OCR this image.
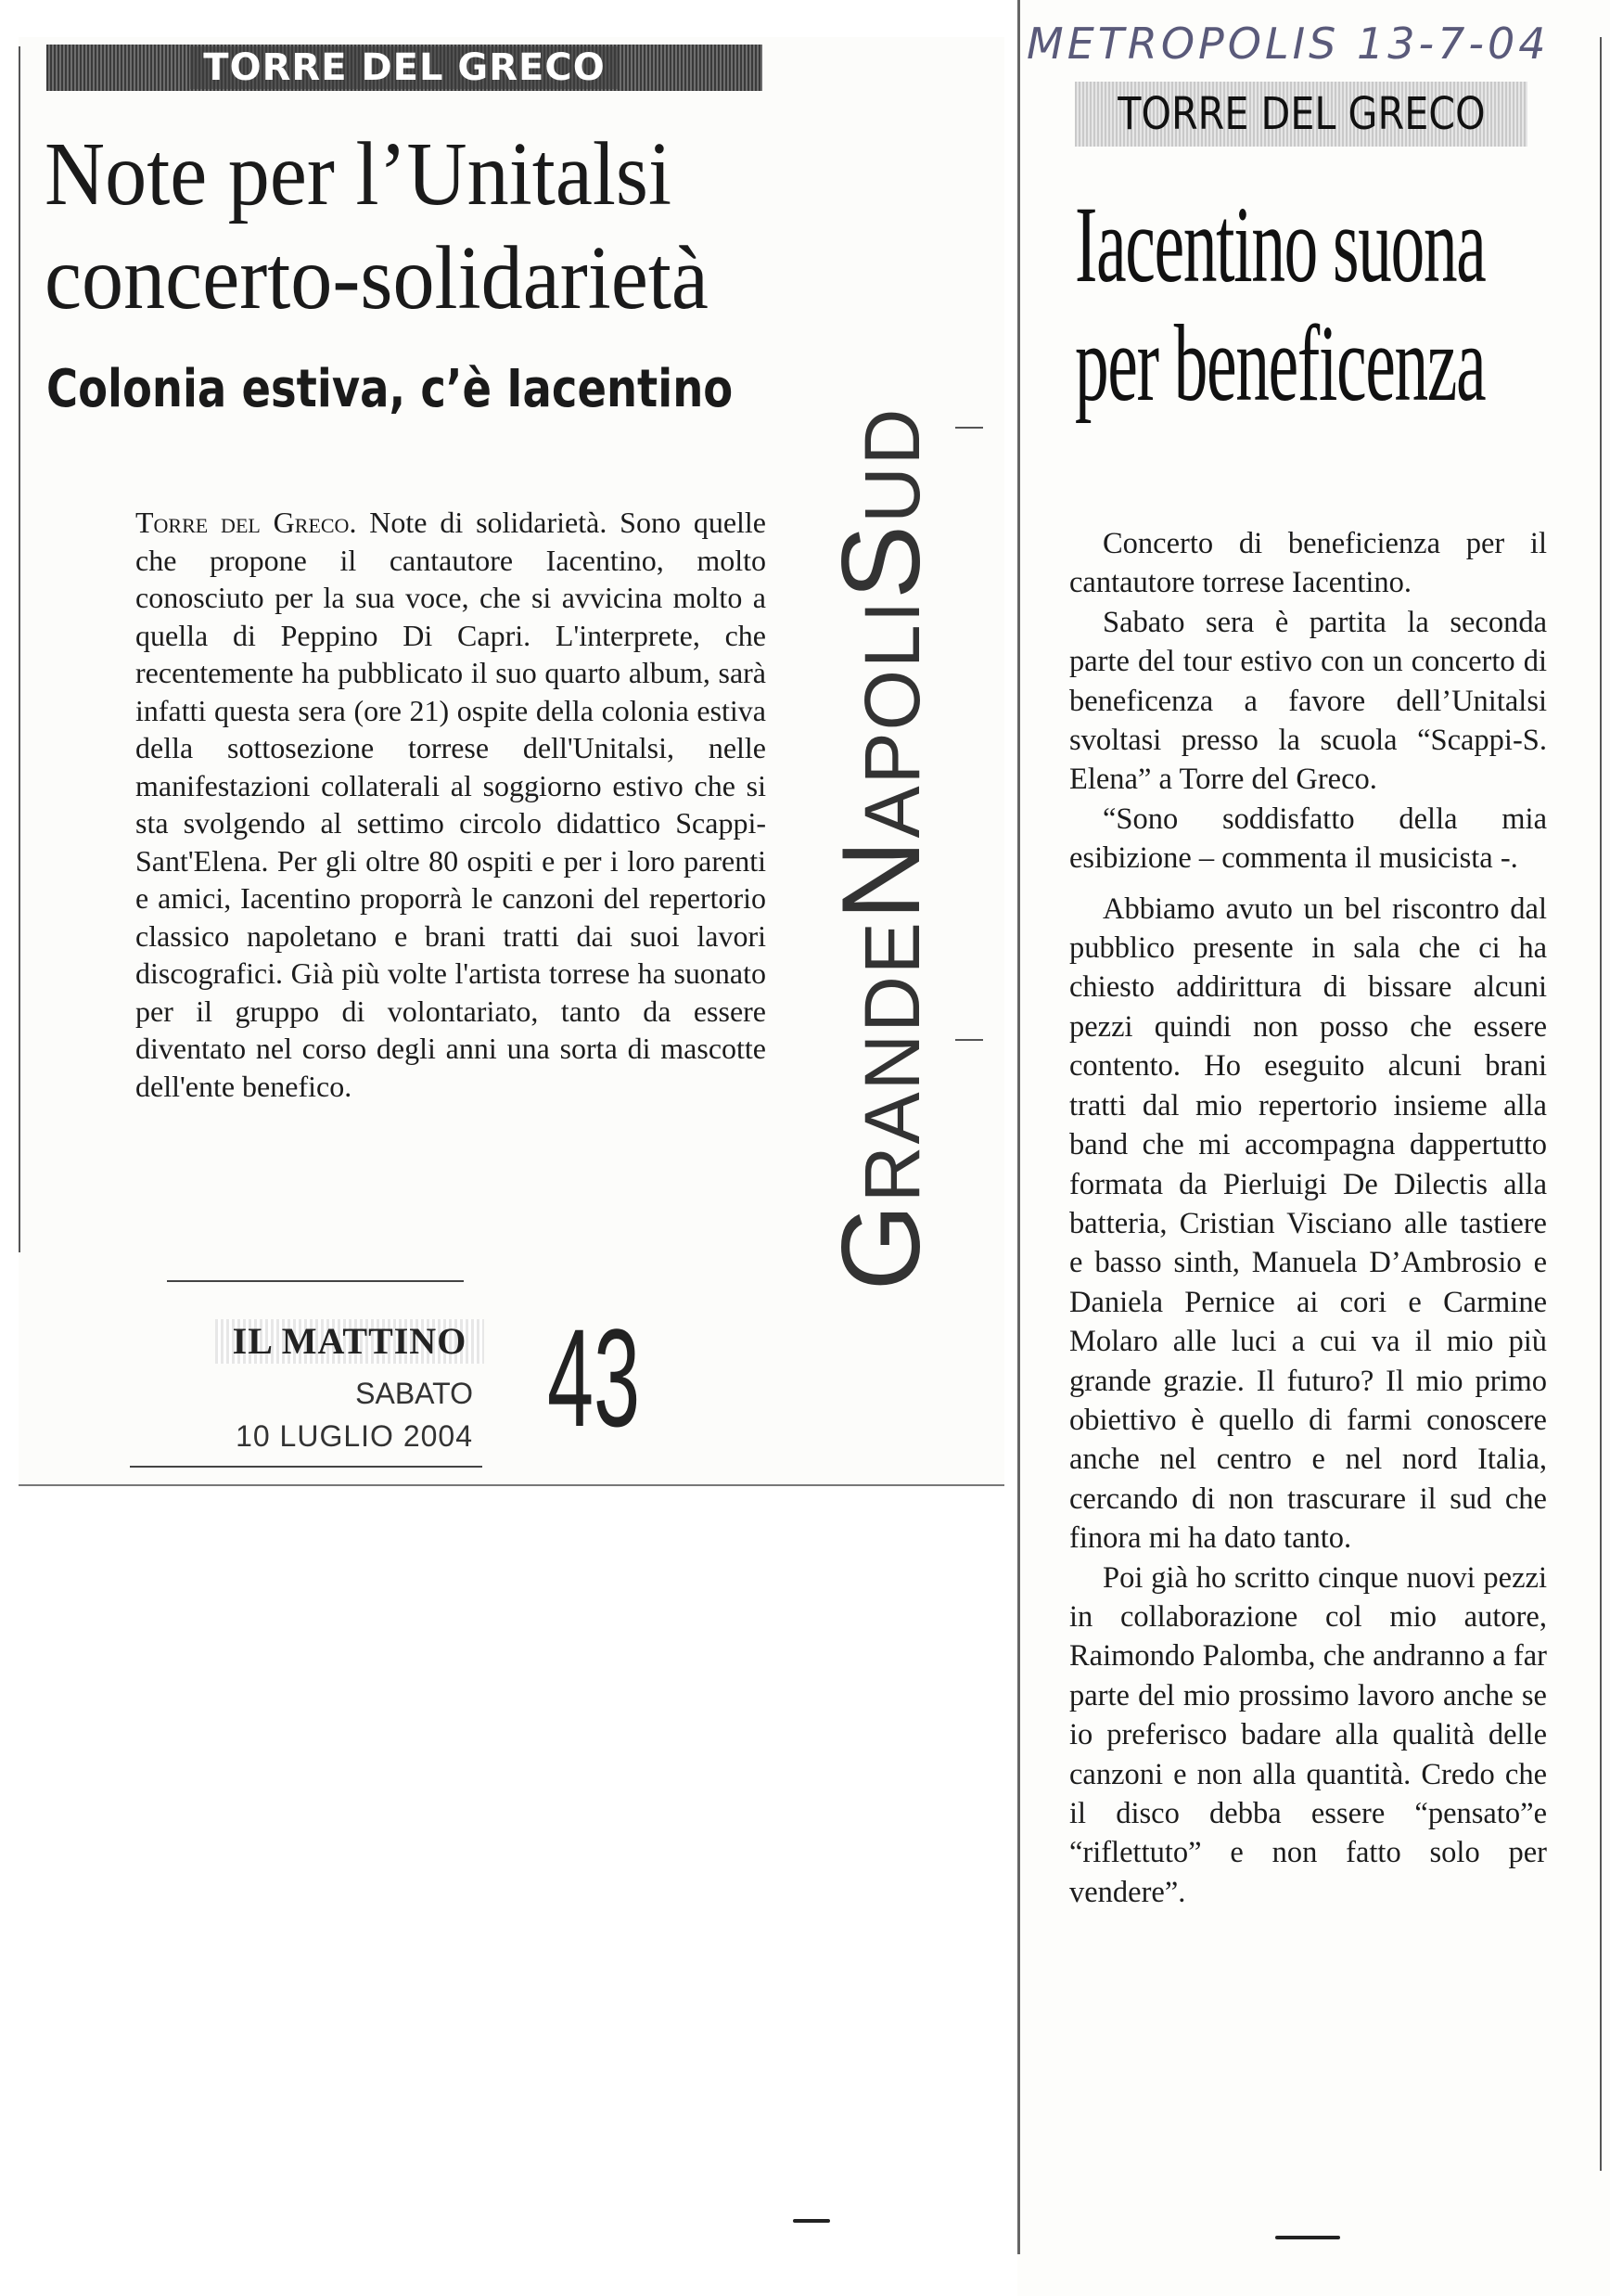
TORRE DEL GRECO
Note per l’Unitalsi
concerto-solidarietà
Colonia estiva, c’è Iacentino

Torre del Greco. Note di solidarietà. Sono quelle che propone il cantautore Iacentino, molto conosciuto per la sua voce, che si avvicina molto a quella di Peppino Di Capri. L'interprete, che recentemente ha pubblicato il suo quarto album, sarà infatti questa sera (ore 21) ospite della colonia estiva della sottosezione torrese dell'Unitalsi, nelle manifestazioni collaterali al soggiorno estivo che si sta svolgendo al settimo circolo didattico Scappi-Sant'Elena. Per gli oltre 80 ospiti e per i loro parenti e amici, Iacentino proporrà le canzoni del repertorio classico napoletano e brani tratti dai suoi lavori discografici. Già più volte l'artista torrese ha suonato per il gruppo di volontariato, tanto da essere diventato nel corso degli anni una sorta di mascotte dell'ente benefico.	GrandeNapoliSud
IL MATTINO
SABATO
10 LUGLIO 2004 43
METROPOLIS 13-7-04
TORRE DEL GRECO
Iacentino suona
per beneficenza

Concerto di beneficienza per il cantautore torrese Iacentino.

Sabato sera è partita la seconda parte del tour estivo con un concerto di beneficenza a favore dell’Unitalsi svoltasi presso la scuola “Scappi-S. Elena” a Torre del Greco.

“Sono soddisfatto della mia esibizione – commenta il musicista -.

Abbiamo avuto un bel riscontro dal pubblico presente in sala che ci ha chiesto addirittura di bissare alcuni pezzi quindi non posso che essere contento. Ho eseguito alcuni brani tratti dal mio repertorio insieme alla band che mi accompagna dappertutto formata da Pierluigi De Dilectis alla batteria, Cristian Visciano alle tastiere e basso sinth, Manuela D’Ambrosio e Daniela Pernice ai cori e Carmine Molaro alle luci a cui va il mio più grande grazie. Il futuro? Il mio primo obiettivo è quello di farmi conoscere anche nel centro e nel nord Italia, cercando di non trascurare il sud che finora mi ha dato tanto.

Poi già ho scritto cinque nuovi pezzi in collaborazione col mio autore, Raimondo Palomba, che andranno a far parte del mio prossimo lavoro anche se io preferisco badare alla qualità delle canzoni e non alla quantità. Credo che il disco debba essere “pensato”e “riflettuto” e non fatto solo per vendere”.
